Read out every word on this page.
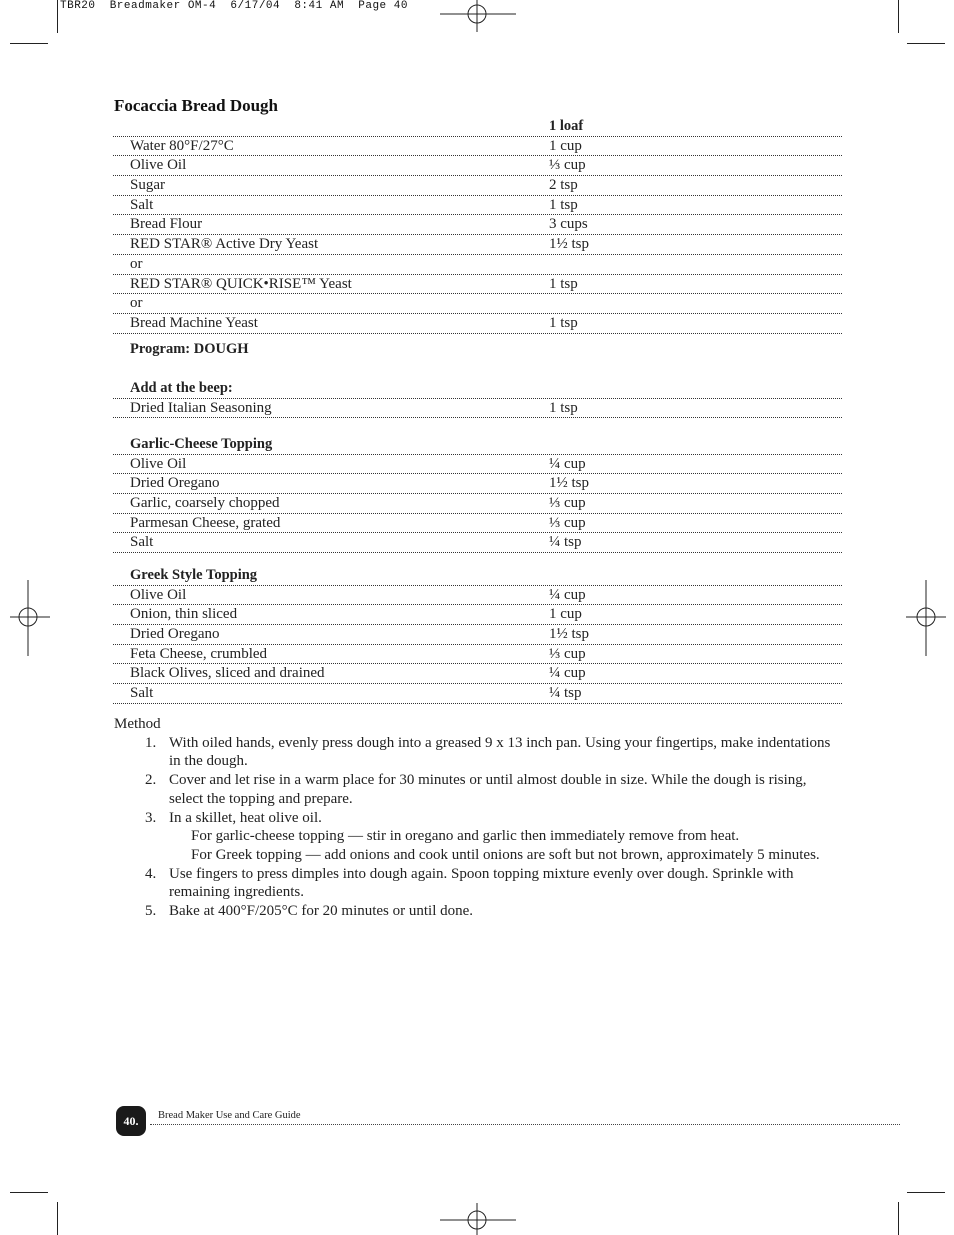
TBR20  Breadmaker OM-4  6/17/04  8:41 AM  Page 40
Focaccia Bread Dough
1 loaf
Water 80°F/27°C	1 cup
Olive Oil	⅓ cup
Sugar	2 tsp
Salt	1 tsp
Bread Flour	3 cups
RED STAR® Active Dry Yeast	1½ tsp
or
RED STAR® QUICK•RISE™ Yeast	1 tsp
or
Bread Machine Yeast	1 tsp
Program: DOUGH
Add at the beep:
Dried Italian Seasoning	1 tsp
Garlic-Cheese Topping
Olive Oil	¼ cup
Dried Oregano	1½ tsp
Garlic, coarsely chopped	⅓ cup
Parmesan Cheese, grated	⅓ cup
Salt	¼ tsp
Greek Style Topping
Olive Oil	¼ cup
Onion, thin sliced	1 cup
Dried Oregano	1½ tsp
Feta Cheese, crumbled	⅓ cup
Black Olives, sliced and drained	¼ cup
Salt	¼ tsp
Method
1. With oiled hands, evenly press dough into a greased 9 x 13 inch pan. Using your fingertips, make indentations in the dough.
2. Cover and let rise in a warm place for 30 minutes or until almost double in size. While the dough is rising, select the topping and prepare.
3. In a skillet, heat olive oil.
For garlic-cheese topping — stir in oregano and garlic then immediately remove from heat.
For Greek topping — add onions and cook until onions are soft but not brown, approximately 5 minutes.
4. Use fingers to press dimples into dough again. Spoon topping mixture evenly over dough. Sprinkle with remaining ingredients.
5. Bake at 400°F/205°C for 20 minutes or until done.
40.	Bread Maker Use and Care Guide
